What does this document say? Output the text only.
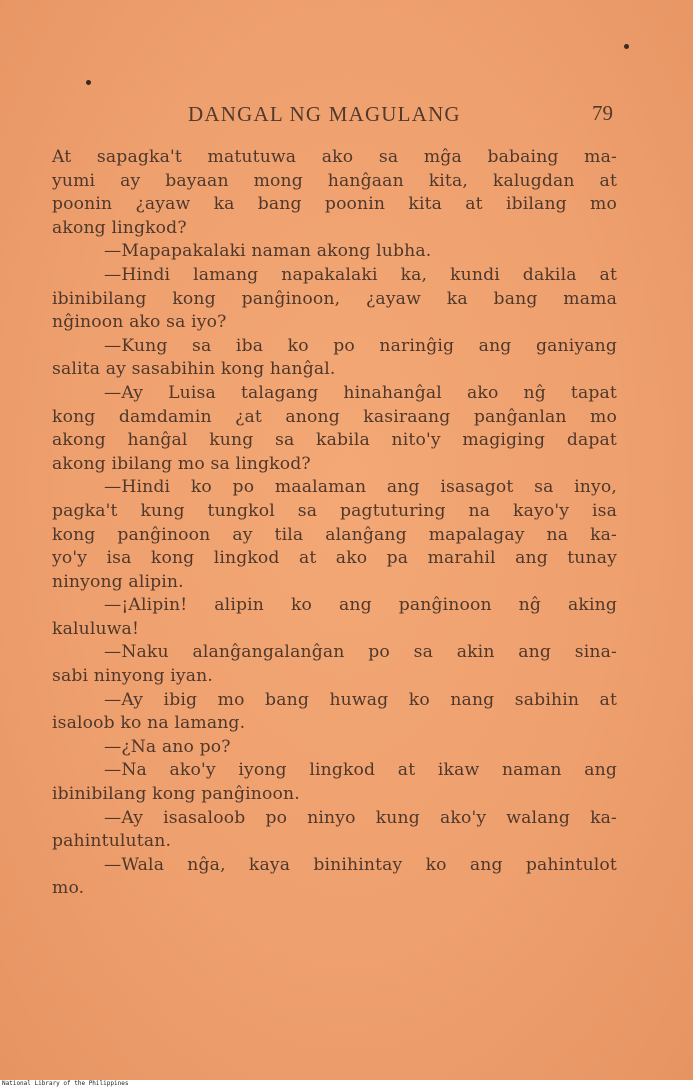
DANGAL NG MAGULANG	79
At sapagka't matutuwa ako sa mĝa babaing ma-
yumi ay bayaan mong hanĝaan kita, kalugdan at
poonin ¿ayaw ka bang poonin kita at ibilang mo
akong lingkod?
—Mapapakalaki naman akong lubha.
—Hindi lamang napakalaki ka, kundi dakila at
ibinibilang kong panĝinoon, ¿ayaw ka bang mama
nĝinoon ako sa iyo?
—Kung sa iba ko po narinĝig ang ganiyang
salita ay sasabihin kong hanĝal.
—Ay Luisa talagang hinahanĝal ako nĝ tapat
kong damdamin ¿at anong kasiraang panĝanlan mo
akong hanĝal kung sa kabila nito'y magiging dapat
akong ibilang mo sa lingkod?
—Hindi ko po maalaman ang isasagot sa inyo,
pagka't kung tungkol sa pagtuturing na kayo'y isa
kong panĝinoon ay tila alanĝang mapalagay na ka-
yo'y isa kong lingkod at ako pa marahil ang tunay
ninyong alipin.
—¡Alipin! alipin ko ang panĝinoon nĝ aking
kaluluwa!
—Naku alanĝangalanĝan po sa akin ang sina-
sabi ninyong iyan.
—Ay ibig mo bang huwag ko nang sabihin at
isaloob ko na lamang.
—¿Na ano po?
—Na ako'y iyong lingkod at ikaw naman ang
ibinibilang kong panĝinoon.
—Ay isasaloob po ninyo kung ako'y walang ka-
pahintulutan.
—Wala nĝa, kaya binihintay ko ang pahintulot
mo.
National Library of the Philippines
